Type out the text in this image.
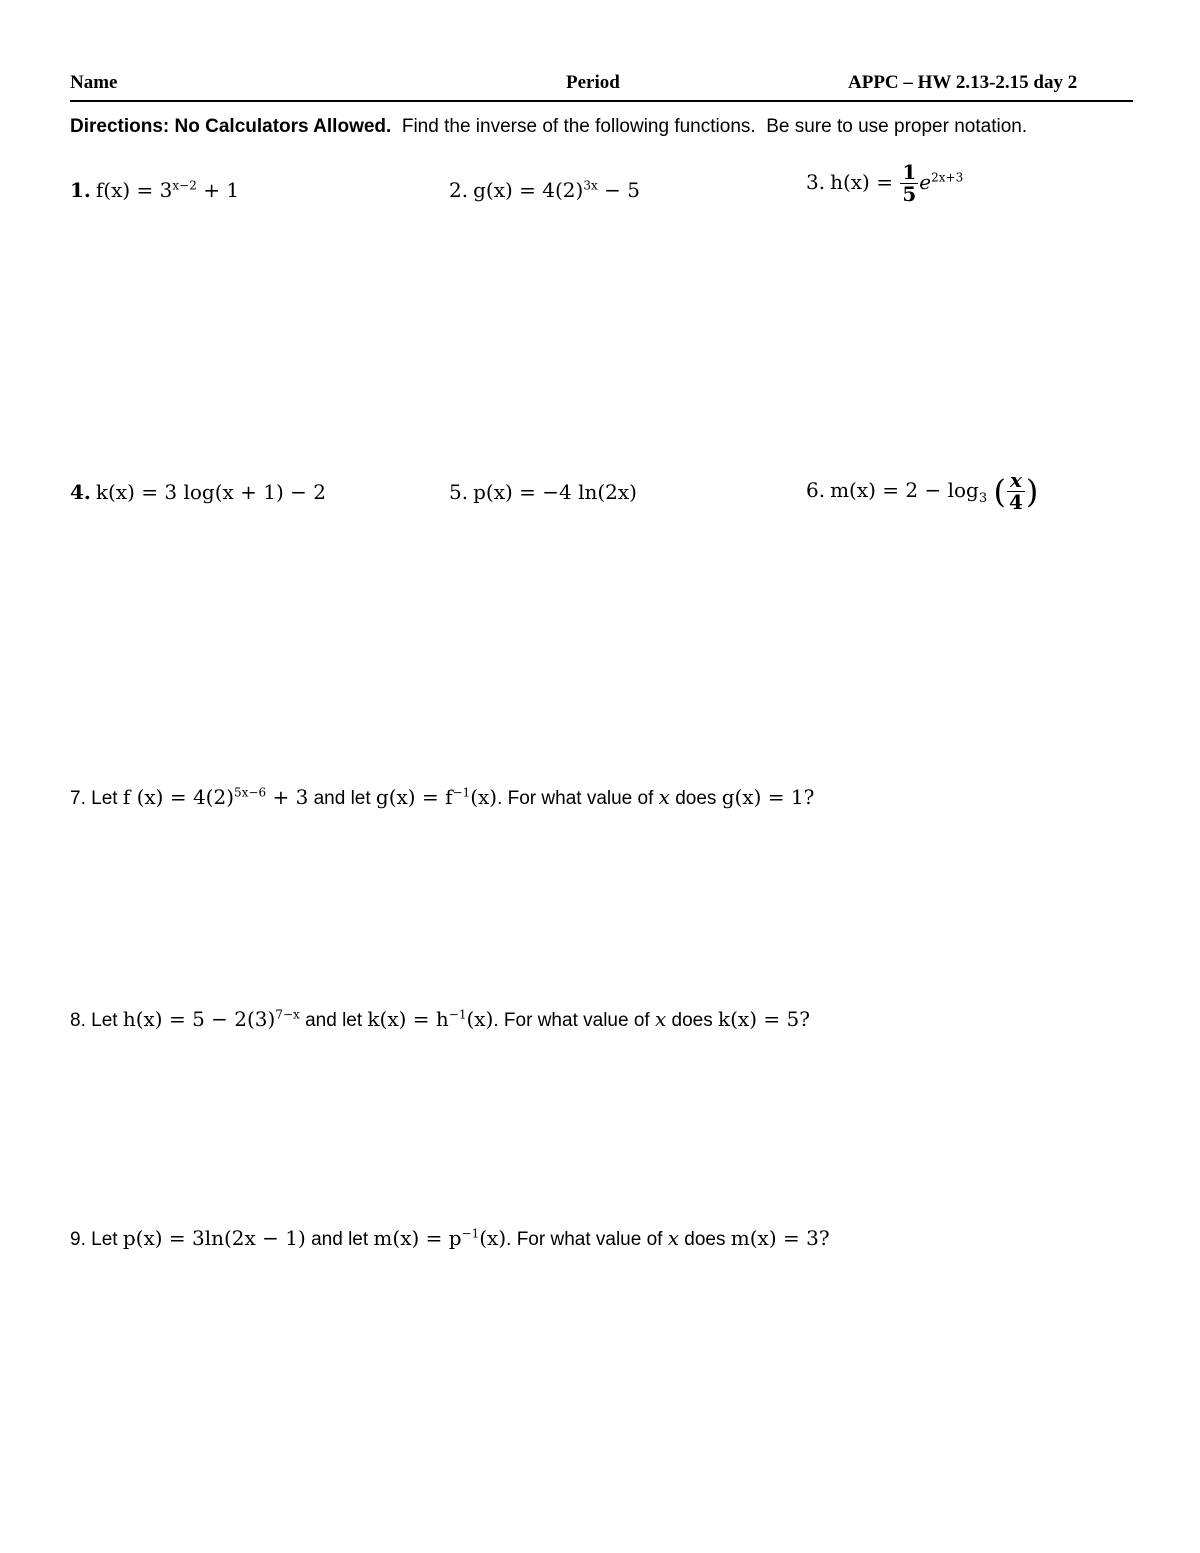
Name	Period	APPC – HW 2.13-2.15 day 2
Directions: No Calculators Allowed.  Find the inverse of the following functions.  Be sure to use proper notation.
1. $f(x) = 3^{x-2} + 1$	2. $g(x) = 4(2)^{3x} - 5$	3. $h(x) = \frac{1}{5} e^{2x+3}$
4. k(x) = 3 log(x + 1) − 2	5. p(x) = −4 ln(2x)	6. $m(x) = 2 - \log_3$ ( $\frac{x}{4}$ )
7. Let f $(x) = 4(2)^{5x-6} + 3$ and let $g(x) = f^{-1}(x)$. For what value of x does g(x) = 1?
8. Let $h(x) = 5 - 2(3)^{7-x}$ and let $k(x) = h^{-1}(x)$. For what value of x does k(x) = 5?
9. Let p(x) = 3ln(2x − 1) and let $m(x) = p^{-1}(x)$. For what value of x does m(x) = 3?
